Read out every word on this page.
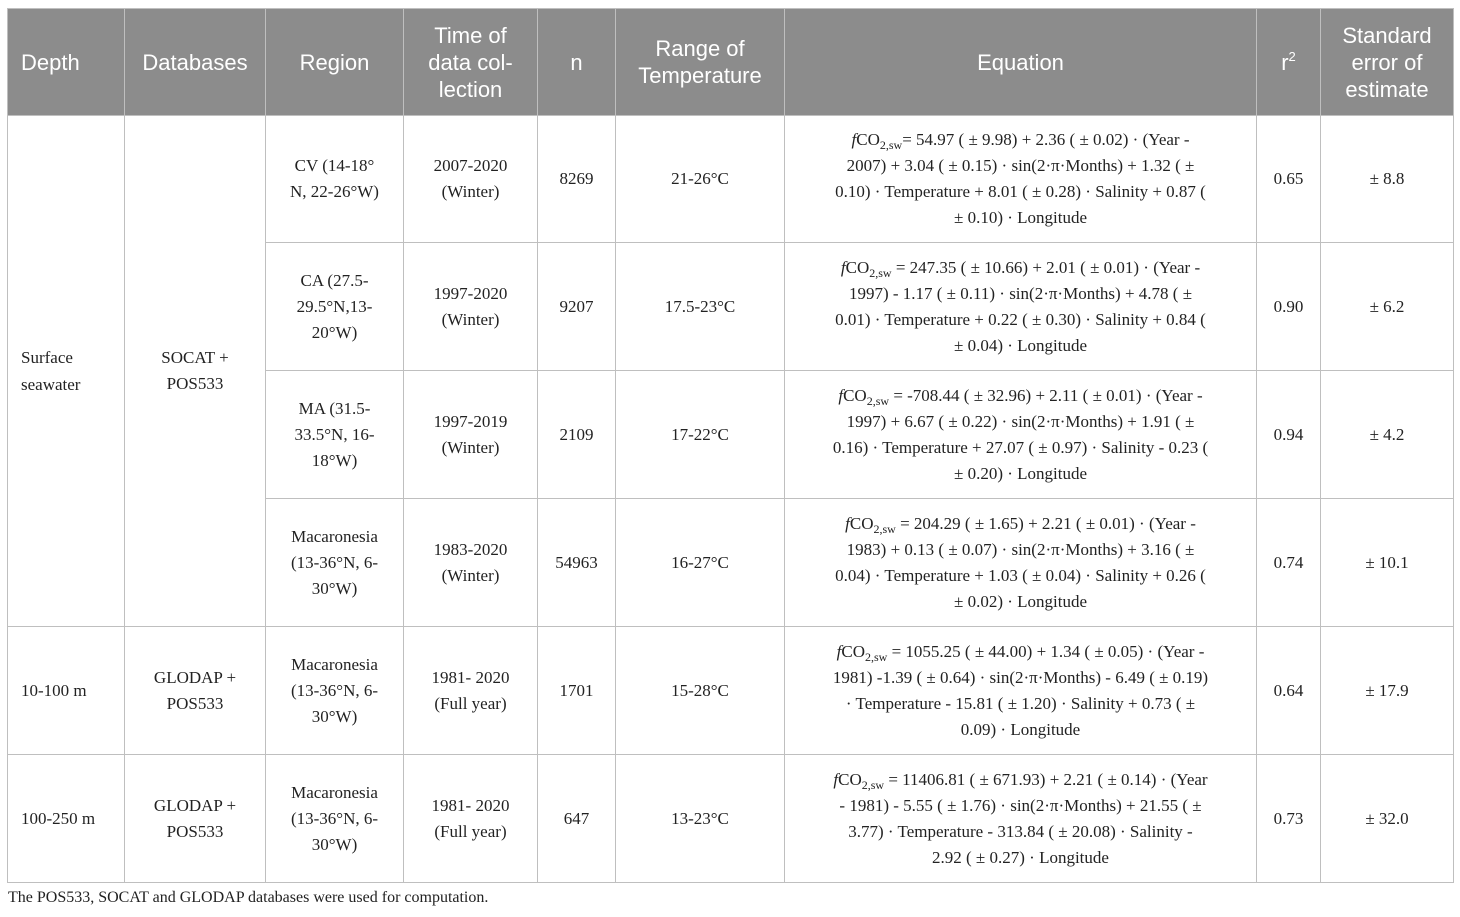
Depth	Databases	Region	Time of
data col-
lection	n	Range of
Temperature	Equation	$r^2$	Standard
error of
estimate
Surface seawater	SOCAT +
POS533	CV (14-18°
N, 22-26°W)	2007-2020
(Winter)	8269	21-26°C	fCO$_{2,sw}$= 54.97 ( ± 9.98) + 2.36 ( ± 0.02) · (Year -
2007) + 3.04 ( ± 0.15) · sin(2·π·Months) + 1.32 ( ±
0.10) · Temperature + 8.01 ( ± 0.28) · Salinity + 0.87 (
± 0.10) · Longitude	0.65	± 8.8
		CA (27.5-
29.5°N,13-
20°W)	1997-2020
(Winter)	9207	17.5-23°C	fCO$_{2,sw}$ = 247.35 ( ± 10.66) + 2.01 ( ± 0.01) · (Year -
1997) - 1.17 ( ± 0.11) · sin(2·π·Months) + 4.78 ( ±
0.01) · Temperature + 0.22 ( ± 0.30) · Salinity + 0.84 (
± 0.04) · Longitude	0.90	± 6.2
		MA (31.5-
33.5°N, 16-
18°W)	1997-2019
(Winter)	2109	17-22°C	fCO$_{2,sw}$ = -708.44 ( ± 32.96) + 2.11 ( ± 0.01) · (Year -
1997) + 6.67 ( ± 0.22) · sin(2·π·Months) + 1.91 ( ±
0.16) · Temperature + 27.07 ( ± 0.97) · Salinity - 0.23 (
± 0.20) · Longitude	0.94	± 4.2
		Macaronesia
(13-36°N, 6-
30°W)	1983-2020
(Winter)	54963	16-27°C	fCO$_{2,sw}$ = 204.29 ( ± 1.65) + 2.21 ( ± 0.01) · (Year -
1983) + 0.13 ( ± 0.07) · sin(2·π·Months) + 3.16 ( ±
0.04) · Temperature + 1.03 ( ± 0.04) · Salinity + 0.26 (
± 0.02) · Longitude	0.74	± 10.1
10-100 m	GLODAP +
POS533	Macaronesia
(13-36°N, 6-
30°W)	1981- 2020
(Full year)	1701	15-28°C	fCO$_{2,sw}$ = 1055.25 ( ± 44.00) + 1.34 ( ± 0.05) · (Year -
1981) -1.39 ( ± 0.64) · sin(2·π·Months) - 6.49 ( ± 0.19)
· Temperature - 15.81 ( ± 1.20) · Salinity + 0.73 ( ±
0.09) · Longitude	0.64	± 17.9
100-250 m	GLODAP +
POS533	Macaronesia
(13-36°N, 6-
30°W)	1981- 2020
(Full year)	647	13-23°C	fCO$_{2,sw}$ = 11406.81 ( ± 671.93) + 2.21 ( ± 0.14) · (Year
- 1981) - 5.55 ( ± 1.76) · sin(2·π·Months) + 21.55 ( ±
3.77) · Temperature - 313.84 ( ± 20.08) · Salinity -
2.92 ( ± 0.27) · Longitude	0.73	± 32.0
The POS533, SOCAT and GLODAP databases were used for computation.
